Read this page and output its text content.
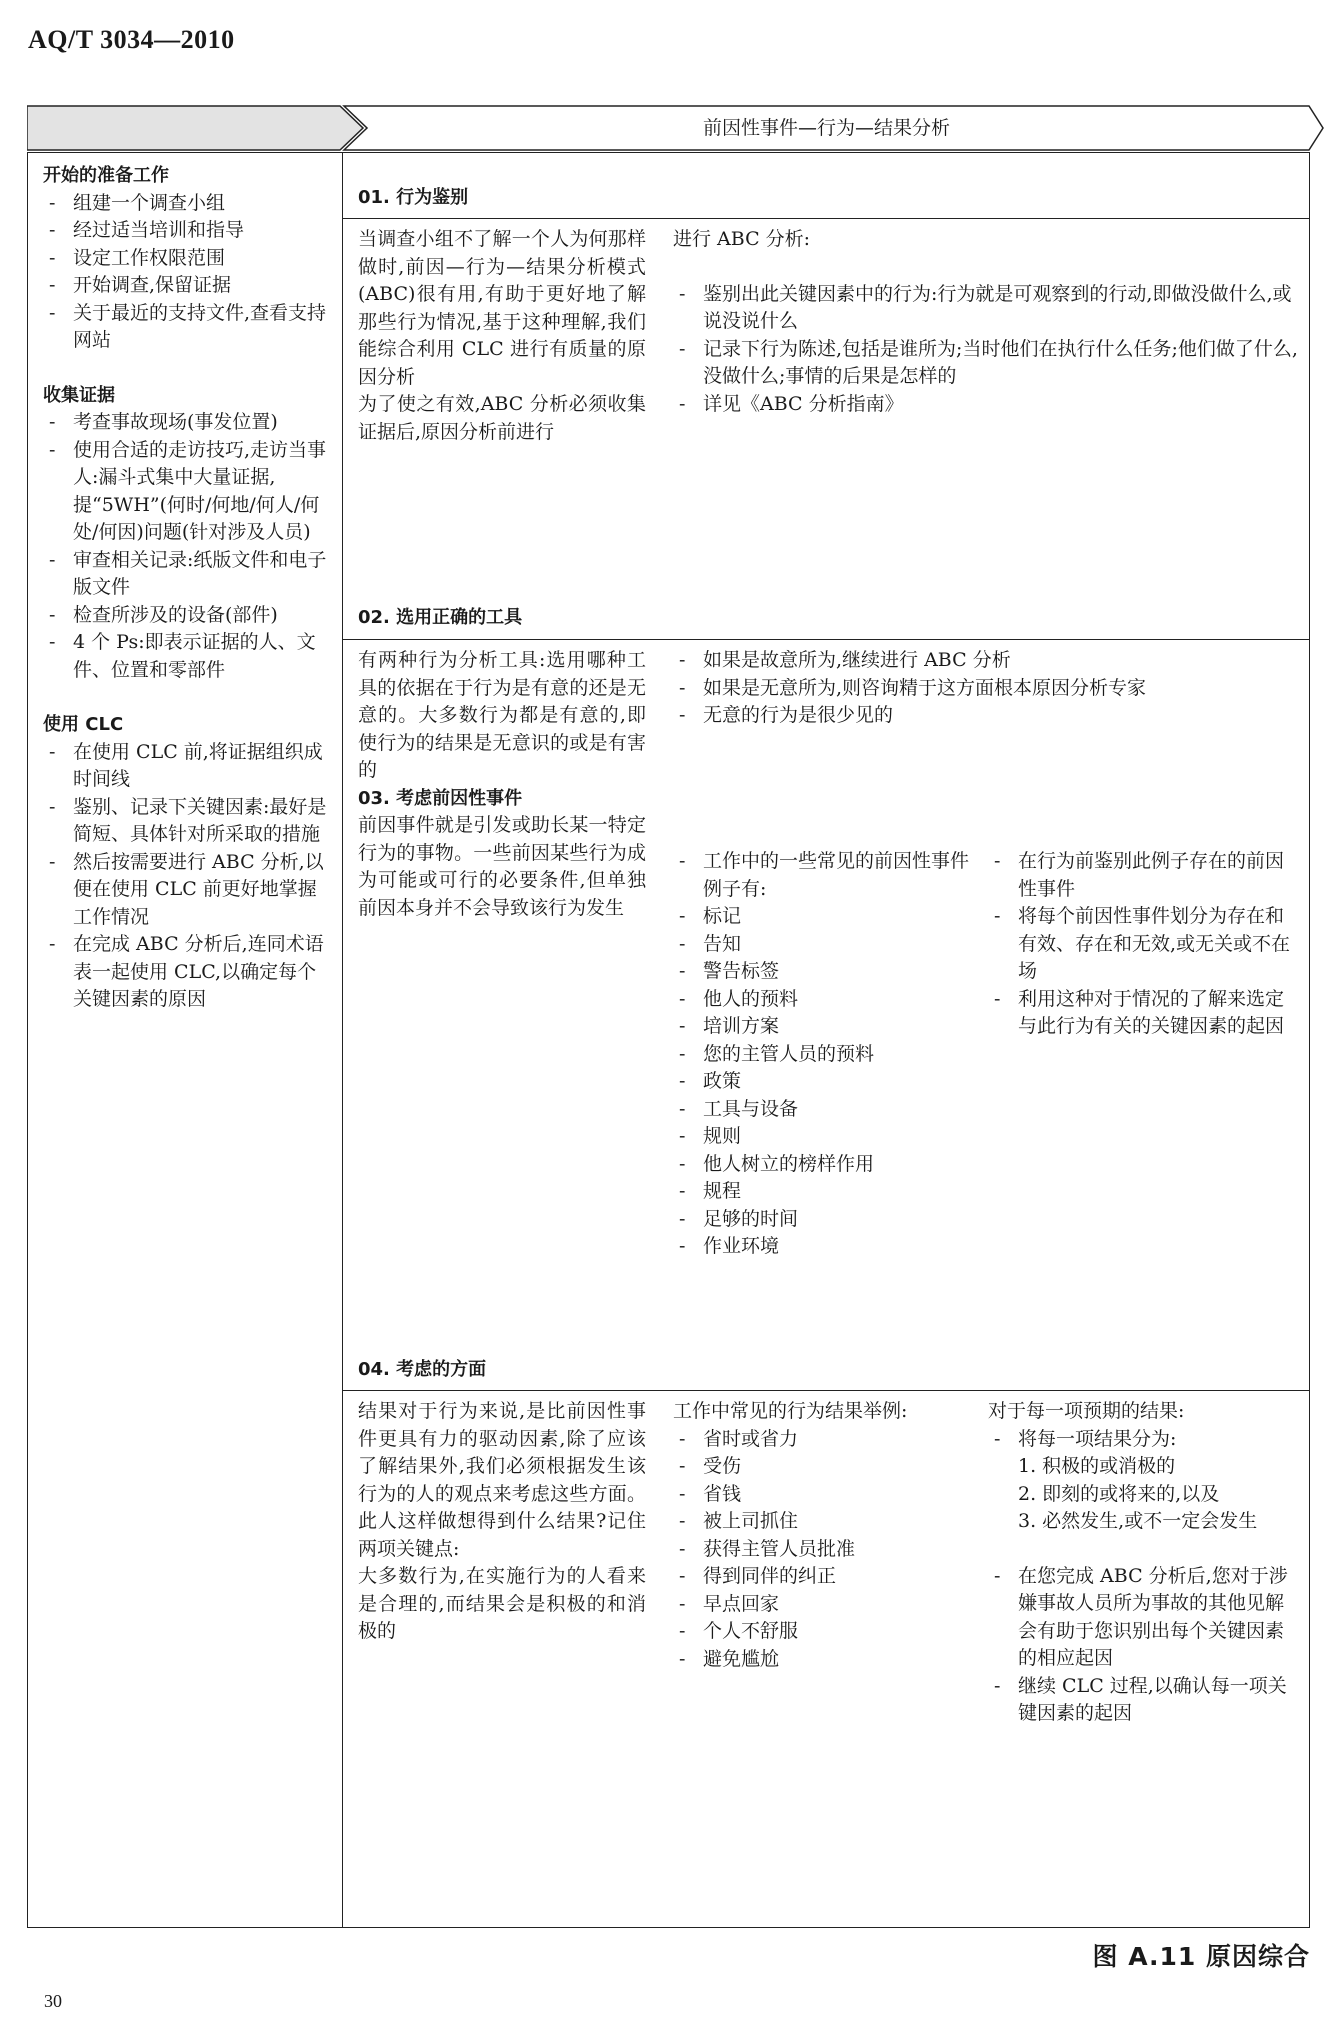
AQ/T 3034—2010
前因性事件—行为—结果分析
开始的准备工作
- 组建一个调查小组
- 经过适当培训和指导
- 设定工作权限范围
- 开始调查,保留证据
- 关于最近的支持文件,查看支持网站
收集证据
- 考查事故现场(事发位置)
- 使用合适的走访技巧,走访当事人:漏斗式集中大量证据,提“5WH”(何时/何地/何人/何处/何因)问题(针对涉及人员)
- 审查相关记录:纸版文件和电子版文件
- 检查所涉及的设备(部件)
- 4 个 Ps:即表示证据的人、文件、位置和零部件
使用 CLC
- 在使用 CLC 前,将证据组织成时间线
- 鉴别、记录下关键因素:最好是简短、具体针对所采取的措施
- 然后按需要进行 ABC 分析,以便在使用 CLC 前更好地掌握工作情况
- 在完成 ABC 分析后,连同术语表一起使用 CLC,以确定每个关键因素的原因
01. 行为鉴别

当调查小组不了解一个人为何那样做时,前因—行为—结果分析模式(ABC)很有用,有助于更好地了解那些行为情况,基于这种理解,我们能综合利用 CLC 进行有质量的原因分析

为了使之有效,ABC 分析必须收集证据后,原因分析前进行

进行 ABC 分析:
- 鉴别出此关键因素中的行为:行为就是可观察到的行动,即做没做什么,或说没说什么
- 记录下行为陈述,包括是谁所为;当时他们在执行什么任务;他们做了什么,没做什么;事情的后果是怎样的
- 详见《ABC 分析指南》
02. 选用正确的工具

有两种行为分析工具:选用哪种工具的依据在于行为是有意的还是无意的。大多数行为都是有意的,即使行为的结果是无意识的或是有害的

03. 考虑前因性事件

前因事件就是引发或助长某一特定行为的事物。一些前因某些行为成为可能或可行的必要条件,但单独前因本身并不会导致该行为发生

- 如果是故意所为,继续进行 ABC 分析
- 如果是无意所为,则咨询精于这方面根本原因分析专家
- 无意的行为是很少见的
- 工作中的一些常见的前因性事件例子有:
- 标记
- 告知
- 警告标签
- 他人的预料
- 培训方案
- 您的主管人员的预料
- 政策
- 工具与设备
- 规则
- 他人树立的榜样作用
- 规程
- 足够的时间
- 作业环境
- 在行为前鉴别此例子存在的前因性事件
- 将每个前因性事件划分为存在和有效、存在和无效,或无关或不在场
- 利用这种对于情况的了解来选定与此行为有关的关键因素的起因
04. 考虑的方面

结果对于行为来说,是比前因性事件更具有力的驱动因素,除了应该了解结果外,我们必须根据发生该行为的人的观点来考虑这些方面。此人这样做想得到什么结果?记住两项关键点:

大多数行为,在实施行为的人看来是合理的,而结果会是积极的和消极的

工作中常见的行为结果举例:
- 省时或省力
- 受伤
- 省钱
- 被上司抓住
- 获得主管人员批准
- 得到同伴的纠正
- 早点回家
- 个人不舒服
- 避免尴尬
对于每一项预期的结果:
- 将每一项结果分为:
1. 积极的或消极的
2. 即刻的或将来的,以及
3. 必然发生,或不一定会发生
- 在您完成 ABC 分析后,您对于涉嫌事故人员所为事故的其他见解会有助于您识别出每个关键因素的相应起因
- 继续 CLC 过程,以确认每一项关键因素的起因
图 A.11 原因综合
30
